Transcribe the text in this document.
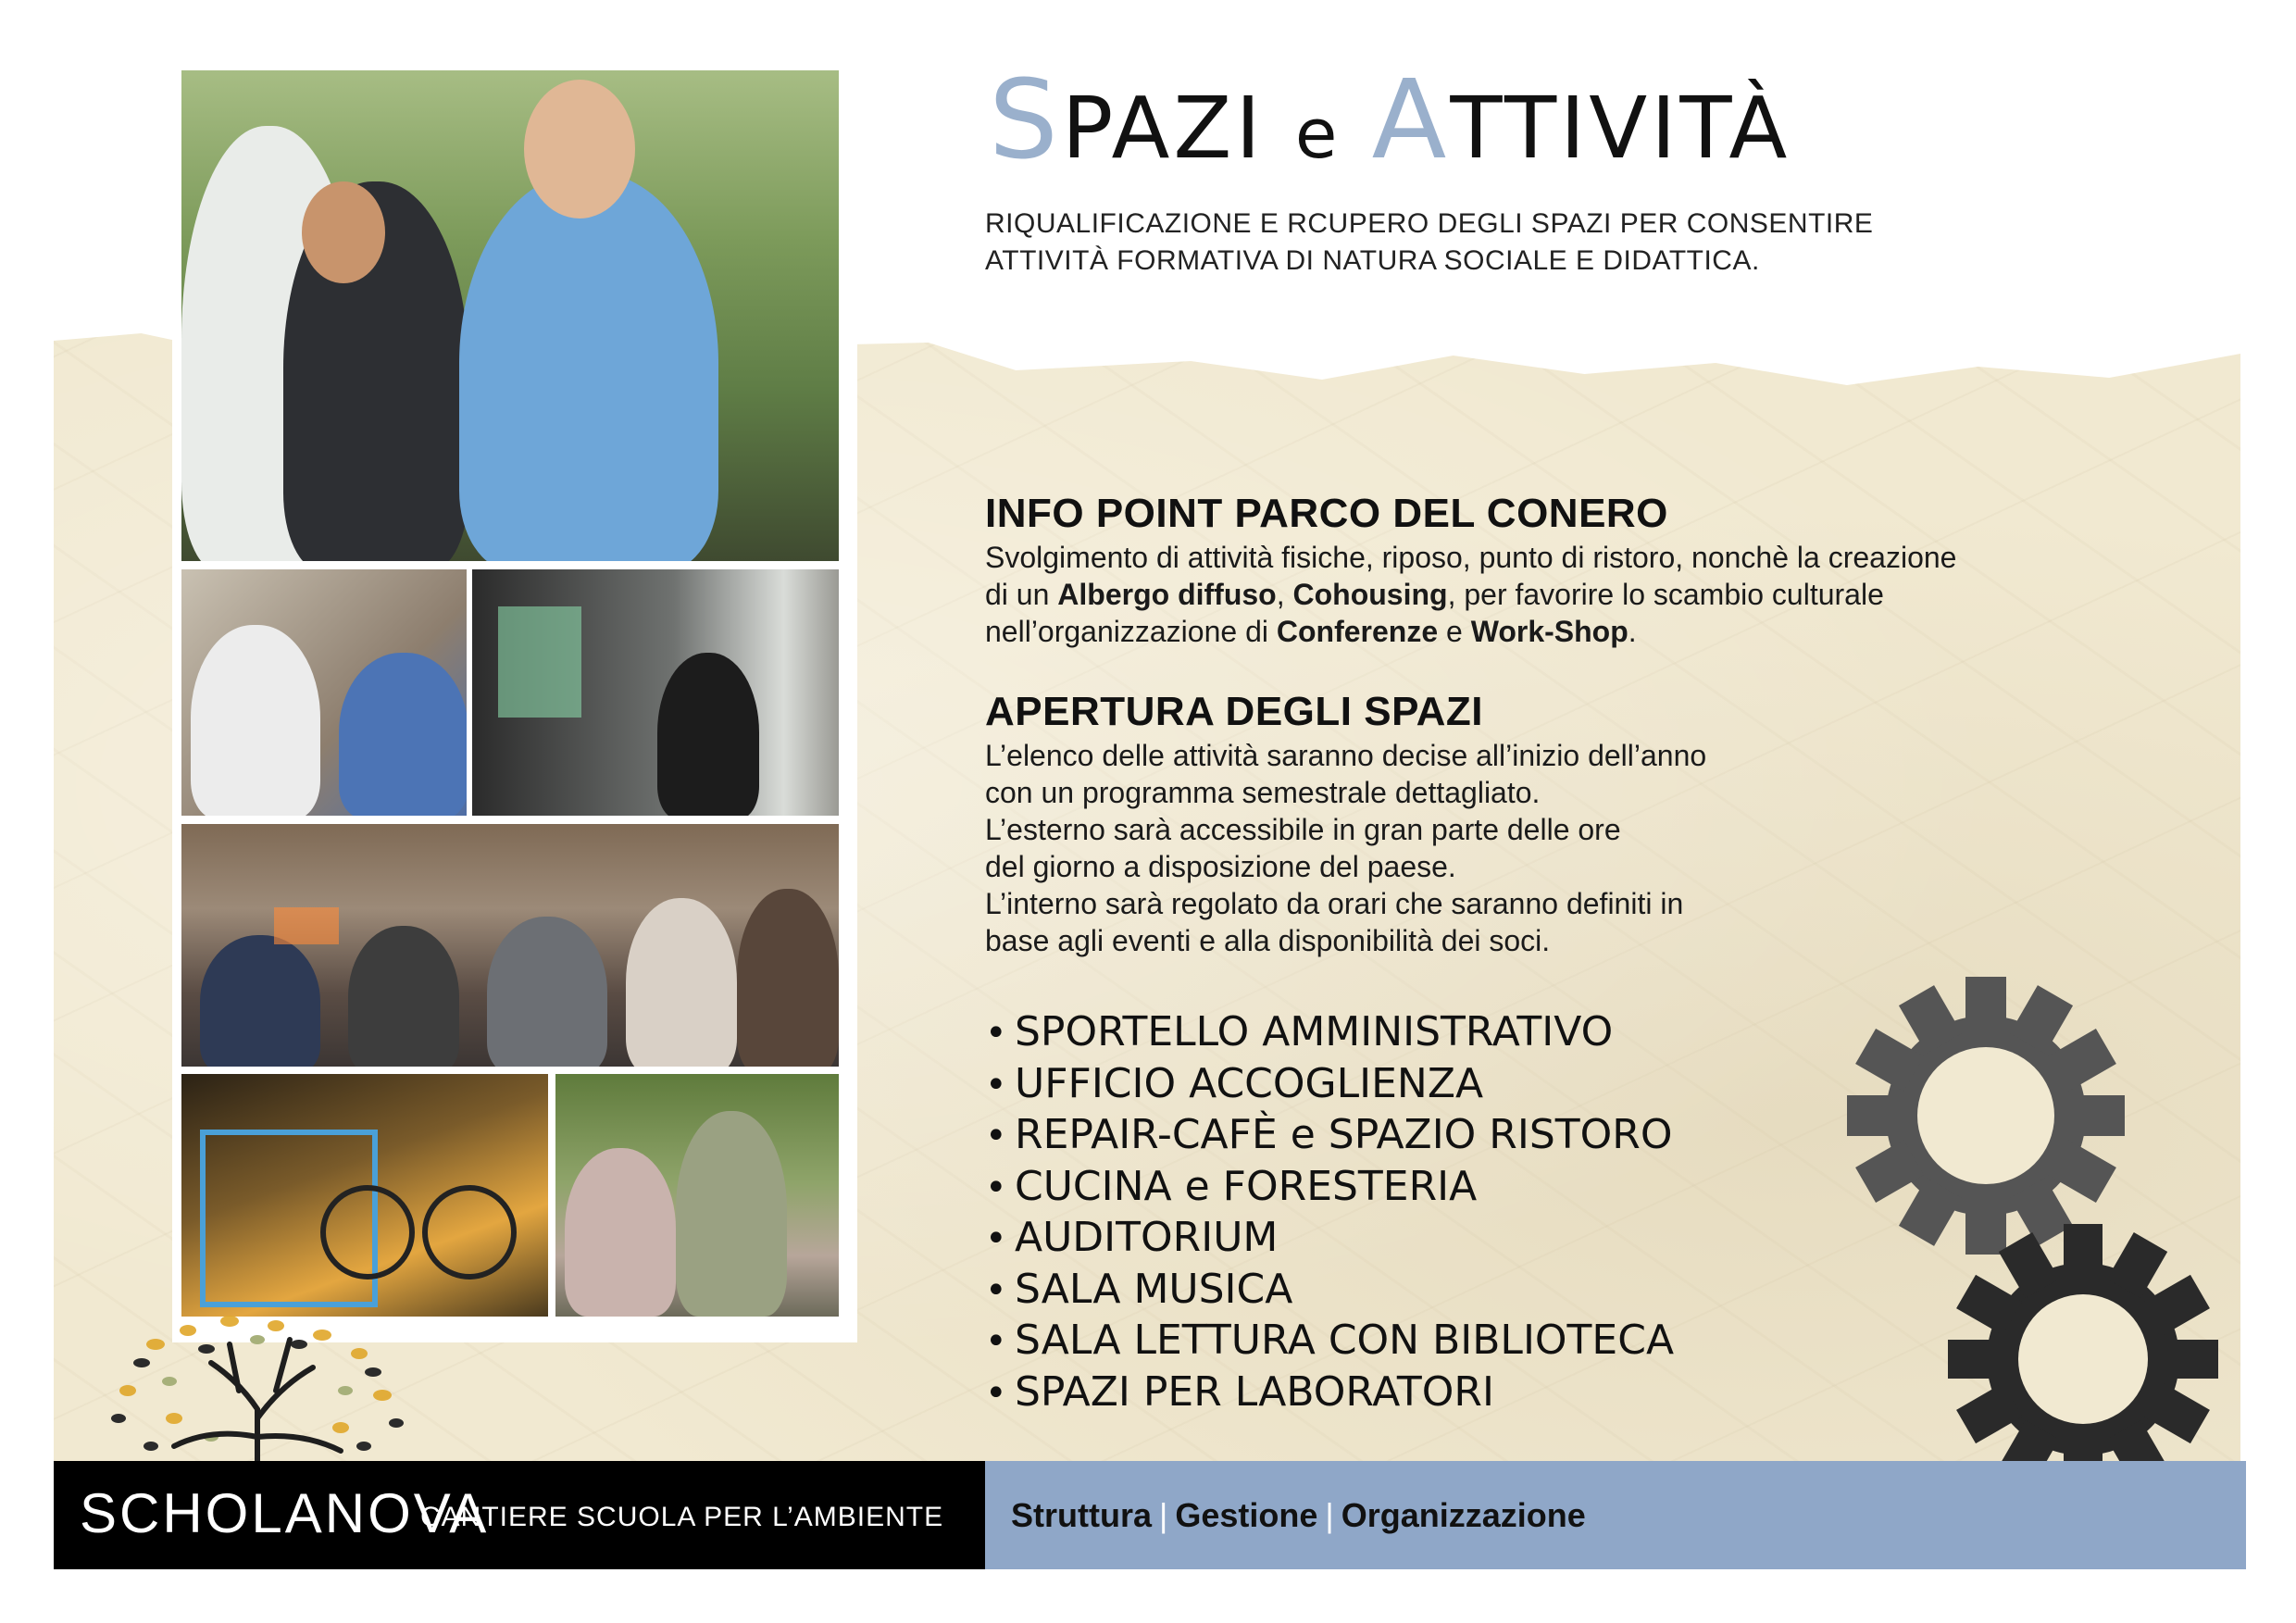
SPAZI e ATTIVITÀ
RIQUALIFICAZIONE E RCUPERO DEGLI SPAZI PER CONSENTIRE
ATTIVITÀ FORMATIVA DI NATURA SOCIALE E DIDATTICA.
INFO POINT PARCO DEL CONERO
Svolgimento di attività fisiche, riposo, punto di ristoro, nonchè la creazione di un Albergo diffuso, Cohousing, per favorire lo scambio culturale nell’organizzazione di Conferenze e Work-Shop.
APERTURA DEGLI SPAZI
L’elenco delle attività saranno decise all’inizio dell’anno
con un programma semestrale dettagliato.
L’esterno sarà accessibile in gran parte delle ore
del giorno a disposizione del paese.
L’interno sarà regolato da orari che saranno definiti in
base agli eventi e alla disponibilità dei soci.
• SPORTELLO AMMINISTRATIVO
• UFFICIO ACCOGLIENZA
• REPAIR-CAFÈ e SPAZIO RISTORO
• CUCINA e FORESTERIA
• AUDITORIUM
• SALA MUSICA
• SALA LETTURA CON BIBLIOTECA
• SPAZI PER LABORATORI
SCHOLANOVA
CANTIERE SCUOLA PER L’AMBIENTE Struttura | Gestione | Organizzazione
